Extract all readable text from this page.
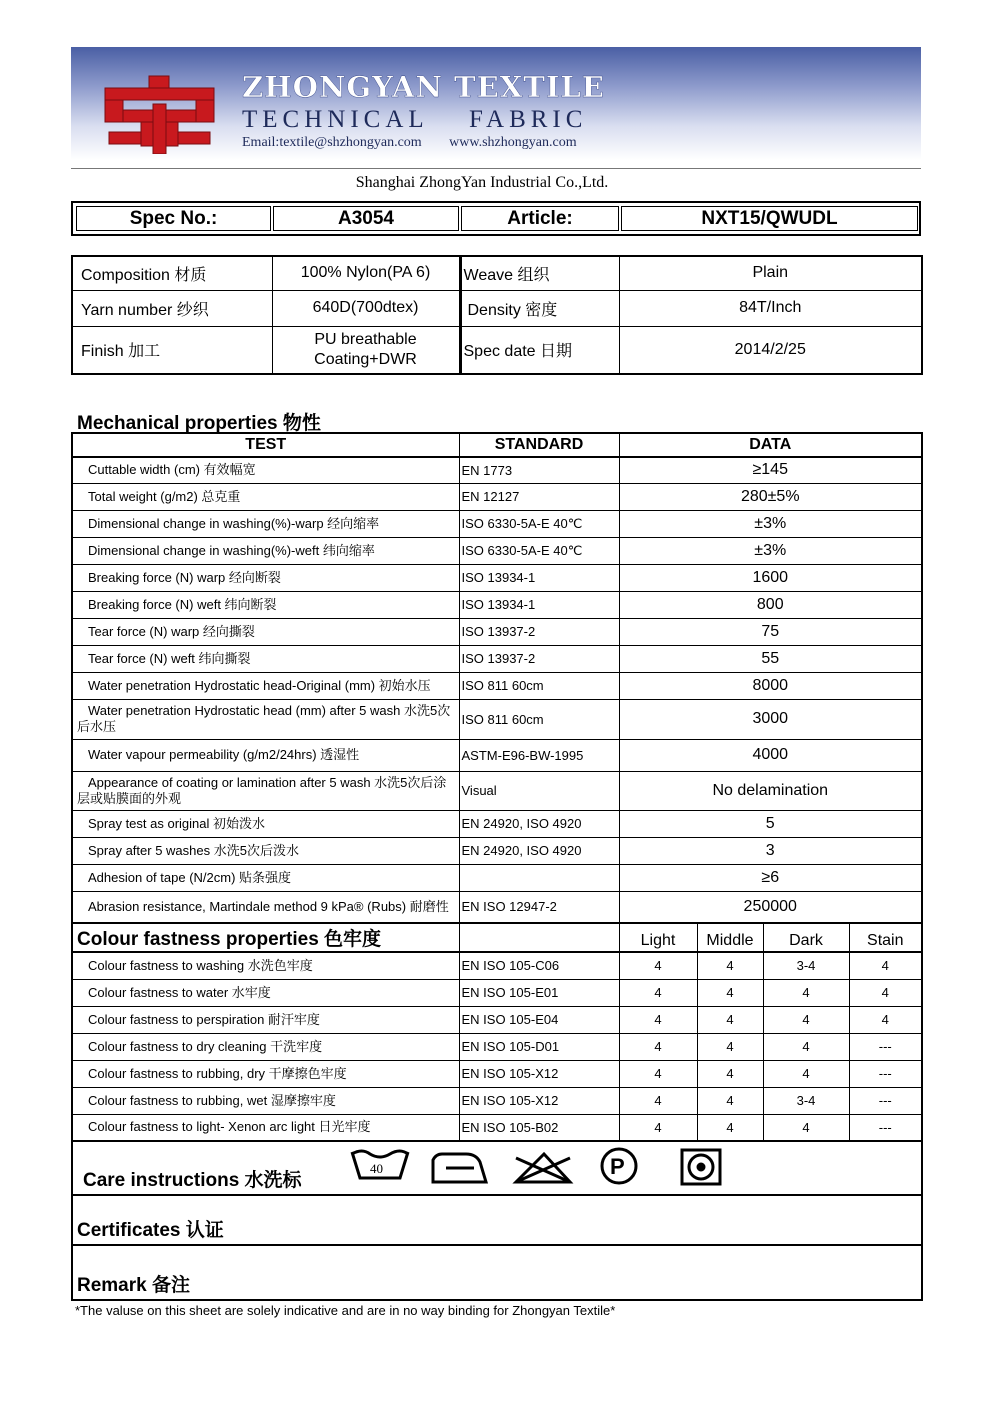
ZHONGYAN TEXTILE
TECHNICAL FABRIC
Email:textile@shzhongyan.com     www.shzhongyan.com
Shanghai ZhongYan Industrial Co.,Ltd.
Spec No.:	A3054	Article:	NXT15/QWUDL
Composition 材质	100% Nylon(PA 6)	Weave 组织	Plain
Yarn number 纱织	640D(700dtex)	Density 密度	84T/Inch
Finish 加工	PU breathable Coating+DWR	Spec date 日期	2014/2/25
Mechanical properties 物性
TEST	STANDARD	DATA			
Cuttable width (cm) 有效幅宽	EN 1773	≥145			
Total weight (g/m2) 总克重	EN 12127	280±5%			
Dimensional change in washing(%)-warp 经向缩率	ISO 6330-5A-E 40℃	±3%			
Dimensional change in washing(%)-weft 纬向缩率	ISO 6330-5A-E 40℃	±3%			
Breaking force (N) warp 经向断裂	ISO 13934-1	1600			
Breaking force (N) weft 纬向断裂	ISO 13934-1	800			
Tear force (N) warp 经向撕裂	ISO 13937-2	75			
Tear force (N) weft 纬向撕裂	ISO 13937-2	55			
Water penetration Hydrostatic head-Original (mm) 初始水压	ISO 811 60cm	8000			
Water penetration Hydrostatic head (mm) after 5 wash 水洗5次后水压	ISO 811 60cm	3000			
Water vapour permeability (g/m2/24hrs) 透湿性	ASTM-E96-BW-1995	4000			
Appearance of coating or lamination after 5 wash 水洗5次后涂层或贴膜面的外观	Visual	No delamination			
Spray test as original 初始泼水	EN 24920, ISO 4920	5			
Spray after 5 washes 水洗5次后泼水	EN 24920, ISO 4920	3			
Adhesion of tape (N/2cm) 贴条强度		≥6			
Abrasion resistance, Martindale method 9 kPa® (Rubs) 耐磨性	EN ISO 12947-2	250000			
Colour fastness properties 色牢度		Light	Middle	Dark	Stain
Colour fastness to washing 水洗色牢度	EN ISO 105-C06	4	4	3-4	4
Colour fastness to water 水牢度	EN ISO 105-E01	4	4	4	4
Colour fastness to perspiration 耐汗牢度	EN ISO 105-E04	4	4	4	4
Colour fastness to dry cleaning 干洗牢度	EN ISO 105-D01	4	4	4	---
Colour fastness to rubbing, dry 干摩擦色牢度	EN ISO 105-X12	4	4	4	---
Colour fastness to rubbing, wet 湿摩擦牢度	EN ISO 105-X12	4	4	3-4	---
Colour fastness to light- Xenon arc light 日光牢度	EN ISO 105-B02	4	4	4	---
Care instructions 水洗标					
Certificates 认证					
Remark 备注					
40	P
*The valuse on this sheet are solely indicative and are in no way binding for Zhongyan Textile*
